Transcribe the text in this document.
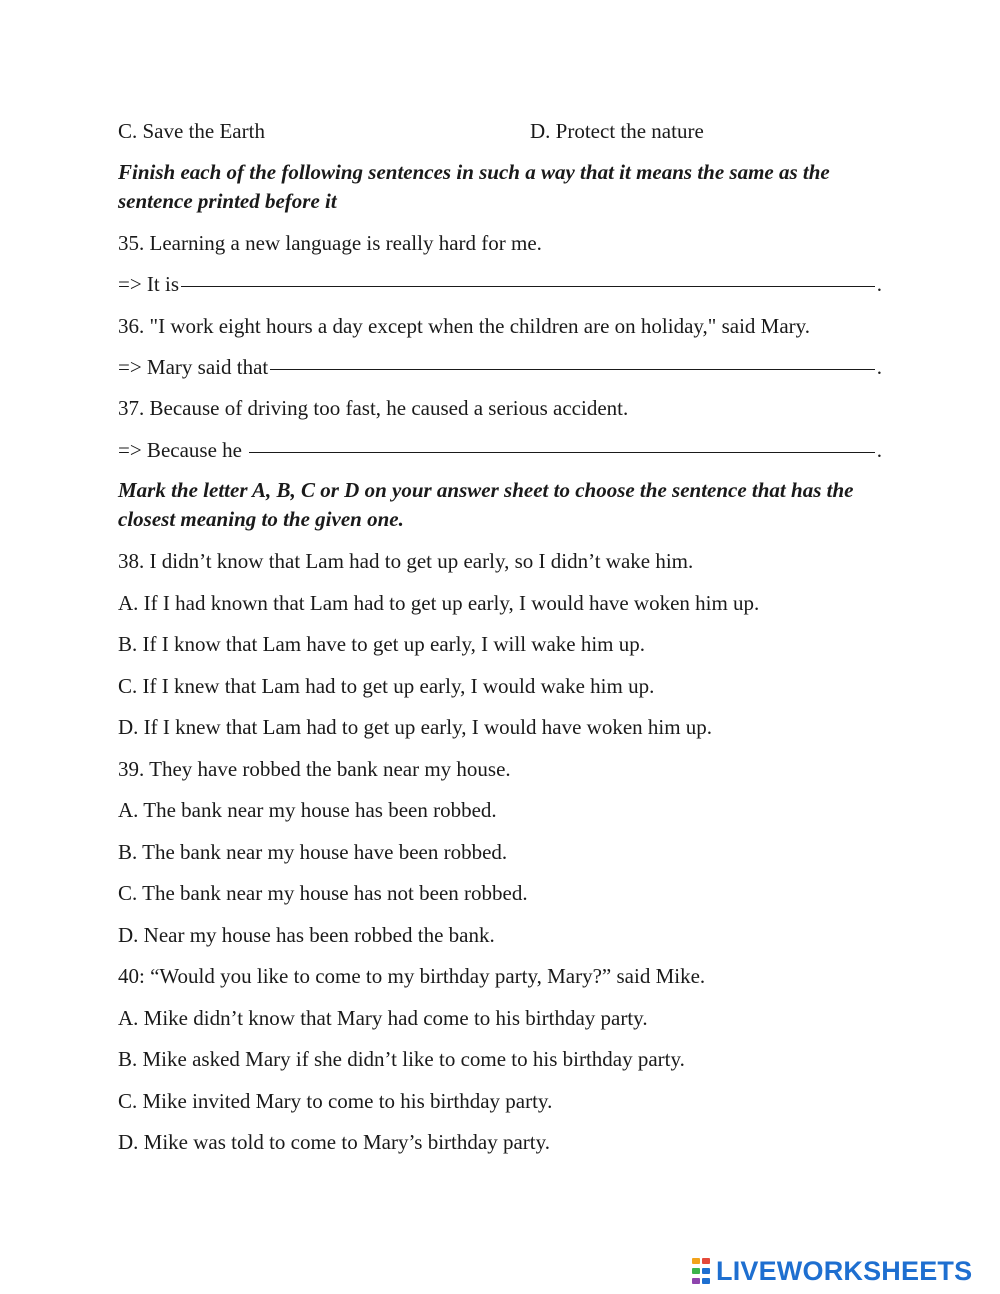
C. Save the Earth	D. Protect the nature
Finish each of the following sentences in such a way that it means the same as the sentence printed before it
35. Learning a new language is really hard for me.
=> It is	.
36. "I work eight hours a day except when the children are on holiday," said Mary.
=> Mary said that	.
37. Because of driving too fast, he caused a serious accident.
=> Because he	.
Mark the letter A, B, C or D on your answer sheet to choose the sentence that has the closest meaning to the given one.
38. I didn’t know that Lam had to get up early, so I didn’t wake him.
A. If I had known that Lam had to get up early, I would have woken him up.
B. If I know that Lam have to get up early, I will wake him up.
C. If I knew that Lam had to get up early, I would wake him up.
D. If I knew that Lam had to get up early, I would have woken him up.
39. They have robbed the bank near my house.
A. The bank near my house has been robbed.
B. The bank near my house have been robbed.
C. The bank near my house has not been robbed.
D. Near my house has been robbed the bank.
40: “Would you like to come to my birthday party, Mary?” said Mike.
A. Mike didn’t know that Mary had come to his birthday party.
B. Mike asked Mary if she didn’t like to come to his birthday party.
C. Mike invited Mary to come to his birthday party.
D. Mike was told to come to Mary’s birthday party.
LIVEWORKSHEETS
